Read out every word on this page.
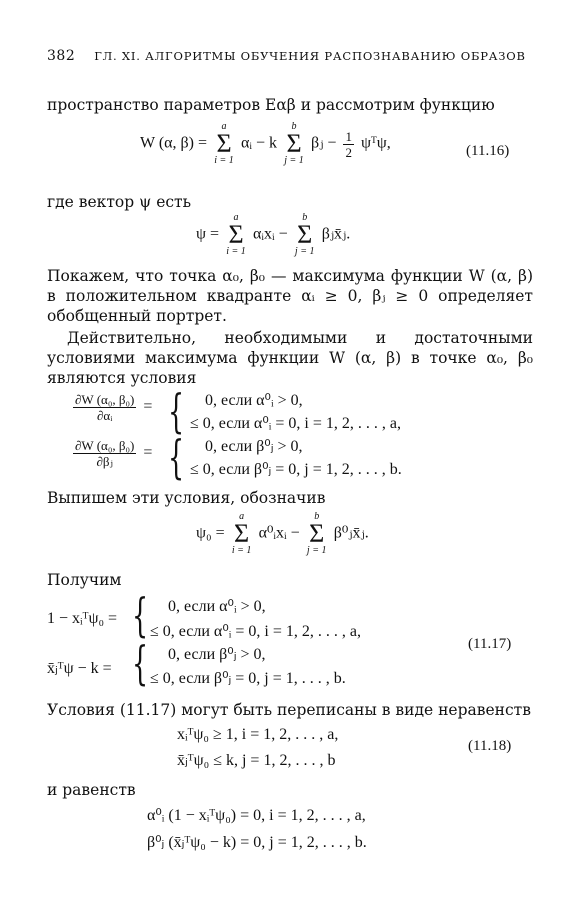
382 ГЛ. XI. АЛГОРИТМЫ ОБУЧЕНИЯ РАСПОЗНАВАНИЮ ОБРАЗОВ
пространство параметров Eαβ и рассмотрим функцию
W (α, β) =
a
Σ
i = 1
αᵢ − k
b
Σ
j = 1
βⱼ − $\frac{1}{2}$ ψᵀψ,	(11.16)
где вектор ψ есть
ψ =
a
Σ
i = 1
αᵢxᵢ −
b
Σ
j = 1
βⱼx̄ⱼ.
Покажем, что точка α₀, β₀ — максимума функции W (α, β) в положительном квадранте αᵢ ≥ 0, βⱼ ≥ 0 определяет обобщенный портрет.
Действительно, необходимыми и достаточными условиями максимума функции W (α, β) в точке α₀, β₀ являются условия
$\frac{\text{∂W (α₀, β₀)}}{\text{∂αᵢ}}$ = { 0, если α⁰ᵢ > 0,
≤ 0, если α⁰ᵢ = 0, i = 1, 2, . . . , a,
$\frac{\text{∂W (α₀, β₀)}}{\text{∂βⱼ}}$ = { 0, если β⁰ⱼ > 0,
≤ 0, если β⁰ⱼ = 0, j = 1, 2, . . . , b.
Выпишем эти условия, обозначив
ψ₀ =
a
Σ
i = 1
α⁰ᵢxᵢ −
b
Σ
j = 1
β⁰ⱼx̄ⱼ.
Получим
1 − xᵢᵀψ₀ = { 0, если α⁰ᵢ > 0,
≤ 0, если α⁰ᵢ = 0, i = 1, 2, . . . , a,
x̄ⱼᵀψ − k = { 0, если β⁰ⱼ > 0,
≤ 0, если β⁰ⱼ = 0, j = 1, . . . , b.
(11.17)
Условия (11.17) могут быть переписаны в виде неравенств
xᵢᵀψ₀ ≥ 1, i = 1, 2, . . . , a,
x̄ⱼᵀψ₀ ≤ k, j = 1, 2, . . . , b
(11.18)
и равенств
α⁰ᵢ (1 − xᵢᵀψ₀) = 0, i = 1, 2, . . . , a,
β⁰ⱼ (x̄ⱼᵀψ₀ − k) = 0, j = 1, 2, . . . , b.
